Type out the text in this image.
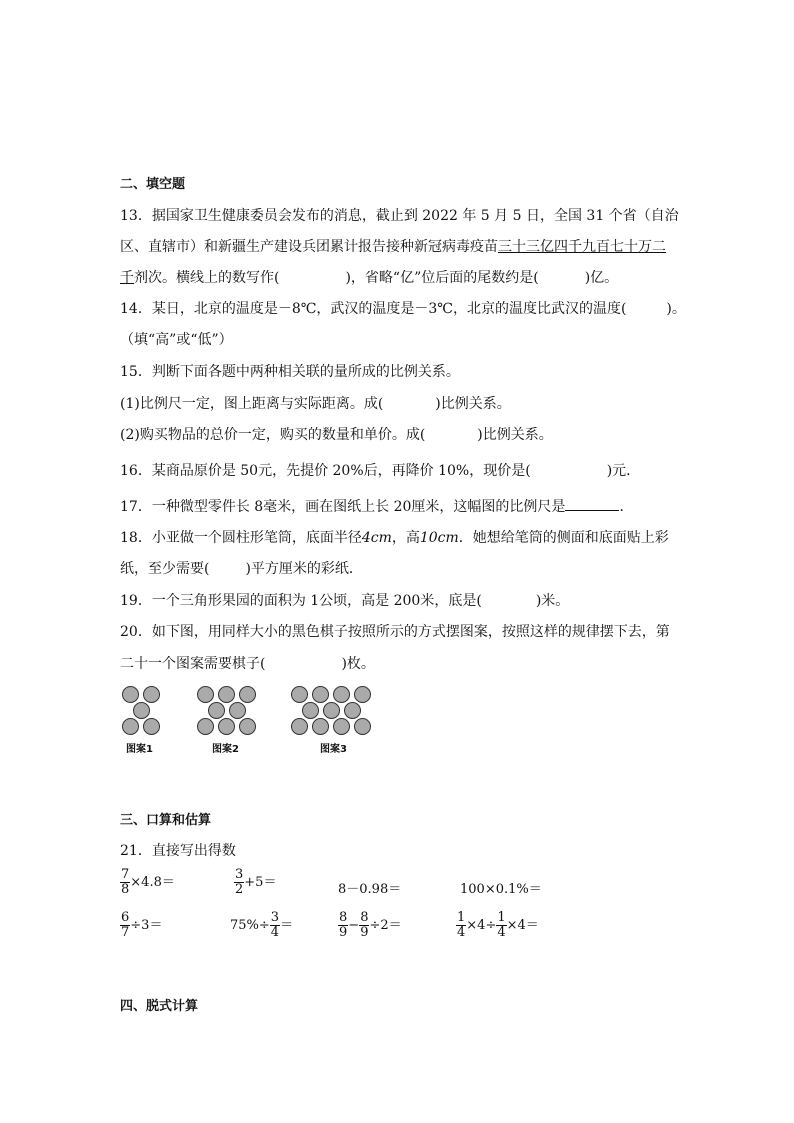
二、填空题
13．据国家卫生健康委员会发布的消息，截止到 2022 年 5 月 5 日，全国 31 个省（自治
区、直辖市）和新疆生产建设兵团累计报告接种新冠病毒疫苗三十三亿四千九百七十万二
千剂次。横线上的数写作(	)，省略“亿”位后面的尾数约是(	)亿。
14．某日，北京的温度是－8℃，武汉的温度是－3℃，北京的温度比武汉的温度(	)。
（填“高”或“低”）
15．判断下面各题中两种相关联的量所成的比例关系。
(1)比例尺一定，图上距离与实际距离。成(	)比例关系。
(2)购买物品的总价一定，购买的数量和单价。成(	)比例关系。
16．某商品原价是 50元，先提价 20%后，再降价 10%，现价是(	)元．
17．一种微型零件长 8毫米，画在图纸上长 20厘米，这幅图的比例尺是	．
18．小亚做一个圆柱形笔筒，底面半径4cm，高10cm．她想给笔筒的侧面和底面贴上彩
纸，至少需要(	)平方厘米的彩纸．
19．一个三角形果园的面积为 1公顷，高是 200米，底是(	)米。
20．如下图，用同样大小的黑色棋子按照所示的方式摆图案，按照这样的规律摆下去，第
二十一个图案需要棋子(	)枚。
图案1	图案2	图案3
三、口算和估算
21．直接写出得数
$\frac{7}{8} \times 4.8=$	$\frac{3}{2} +5=$	8－0.98＝	100×0.1%＝
$\frac{6}{7} \div 3=$	$75\%\div \frac{3}{4}$ ＝	$\frac{8}{9} - \frac{8}{9} \div 2=$	$\frac{1}{4} \times 4\div \frac{1}{4} \times 4=$
四、脱式计算
